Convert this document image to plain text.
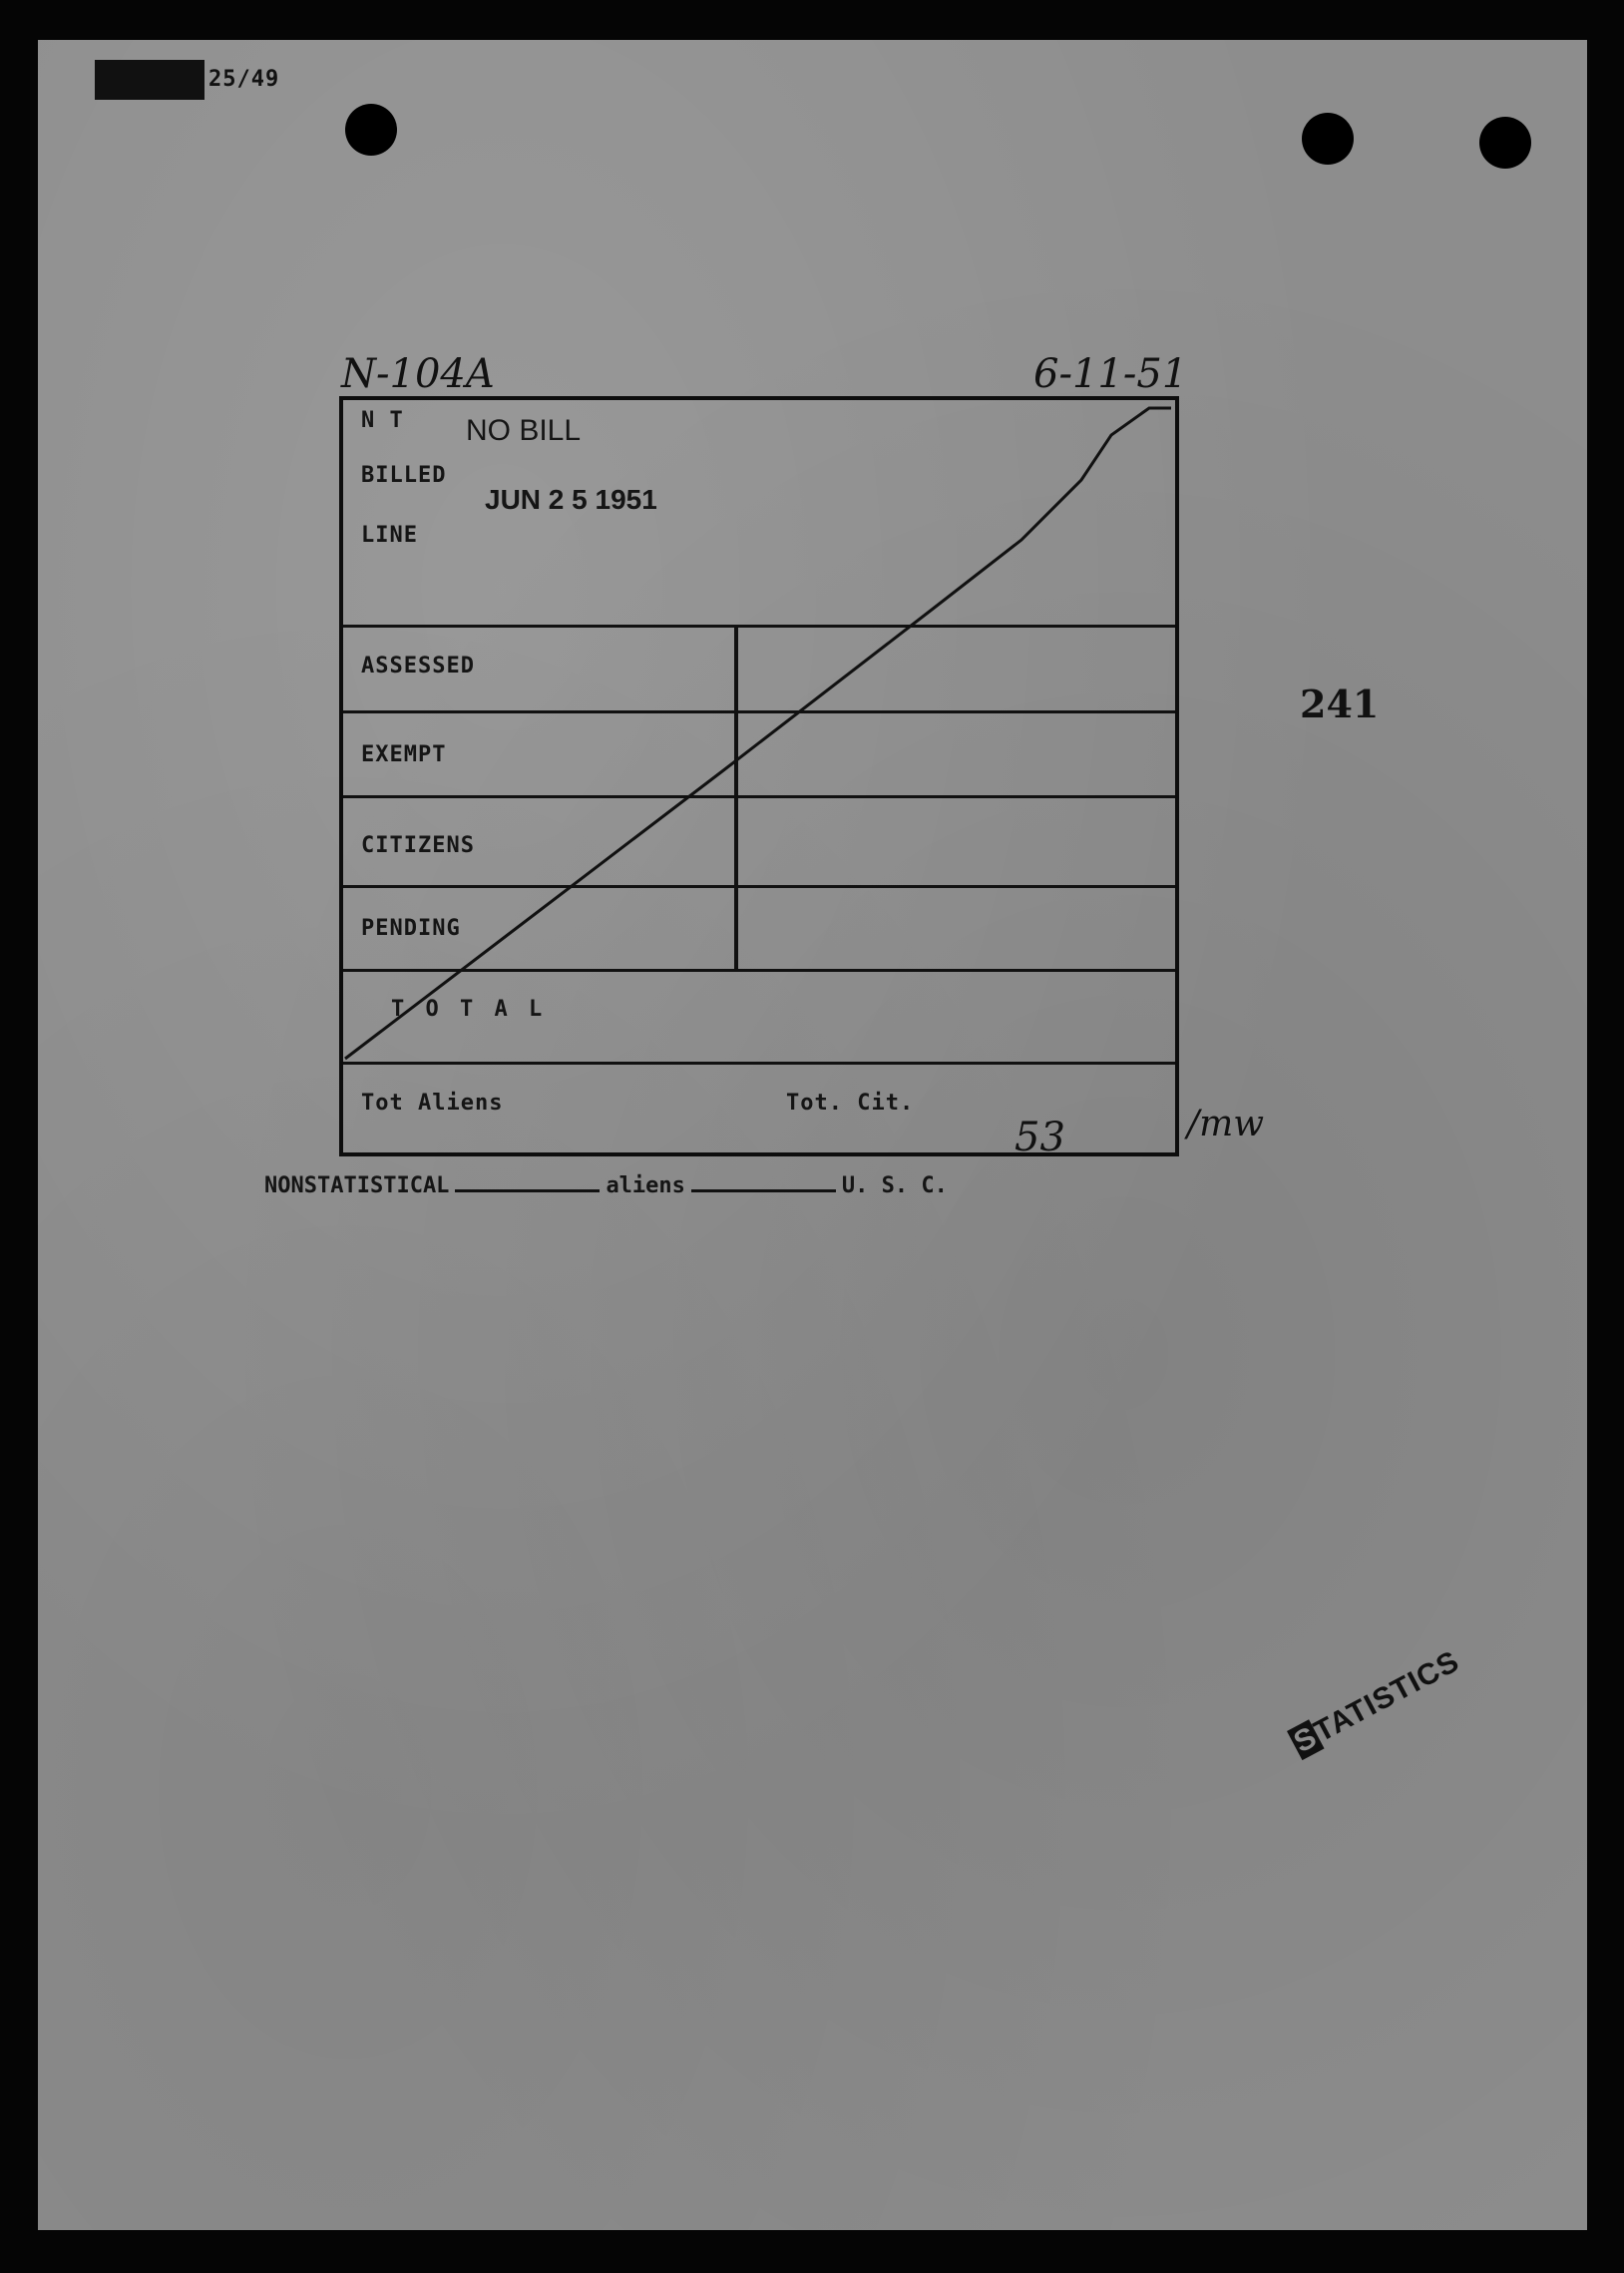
25/49
N-104A	6-11-51
N T NO BILL
BILLED
JUN 2 5 1951
LINE
ASSESSED
EXEMPT
CITIZENS
PENDING
T O T A L
Tot Aliens	Tot. Cit.
53	/mw
241
NONSTATISTICAL	aliens	U. S. C.
STATISTICS
